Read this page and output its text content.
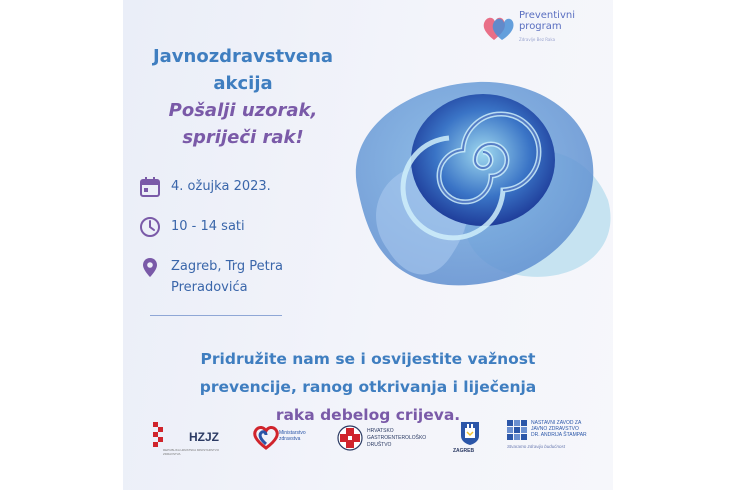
Preventivni
program
Zdravlje Bez Raka
Javnozdravstvena
akcija
Pošalji uzorak,
spriječi rak!
4. ožujka 2023.
10 - 14 sati
Zagreb, Trg Petra
Preradovića
Pridružite nam se i osvijestite važnost
prevencije, ranog otkrivanja i liječenja
raka debelog crijeva.
REPUBLIKA HRVATSKA MINISTARSTVO ZDRAVSTVA
HZJZ	Ministarstvo zdravstva
HRVATSKO
GASTROENTEROLOŠKO
DRUŠTVO
ZAGREB
NASTAVNI ZAVOD ZA
JAVNO ZDRAVSTVO
DR. ANDRIJA ŠTAMPAR
Stvaramo zdraviju budućnost
